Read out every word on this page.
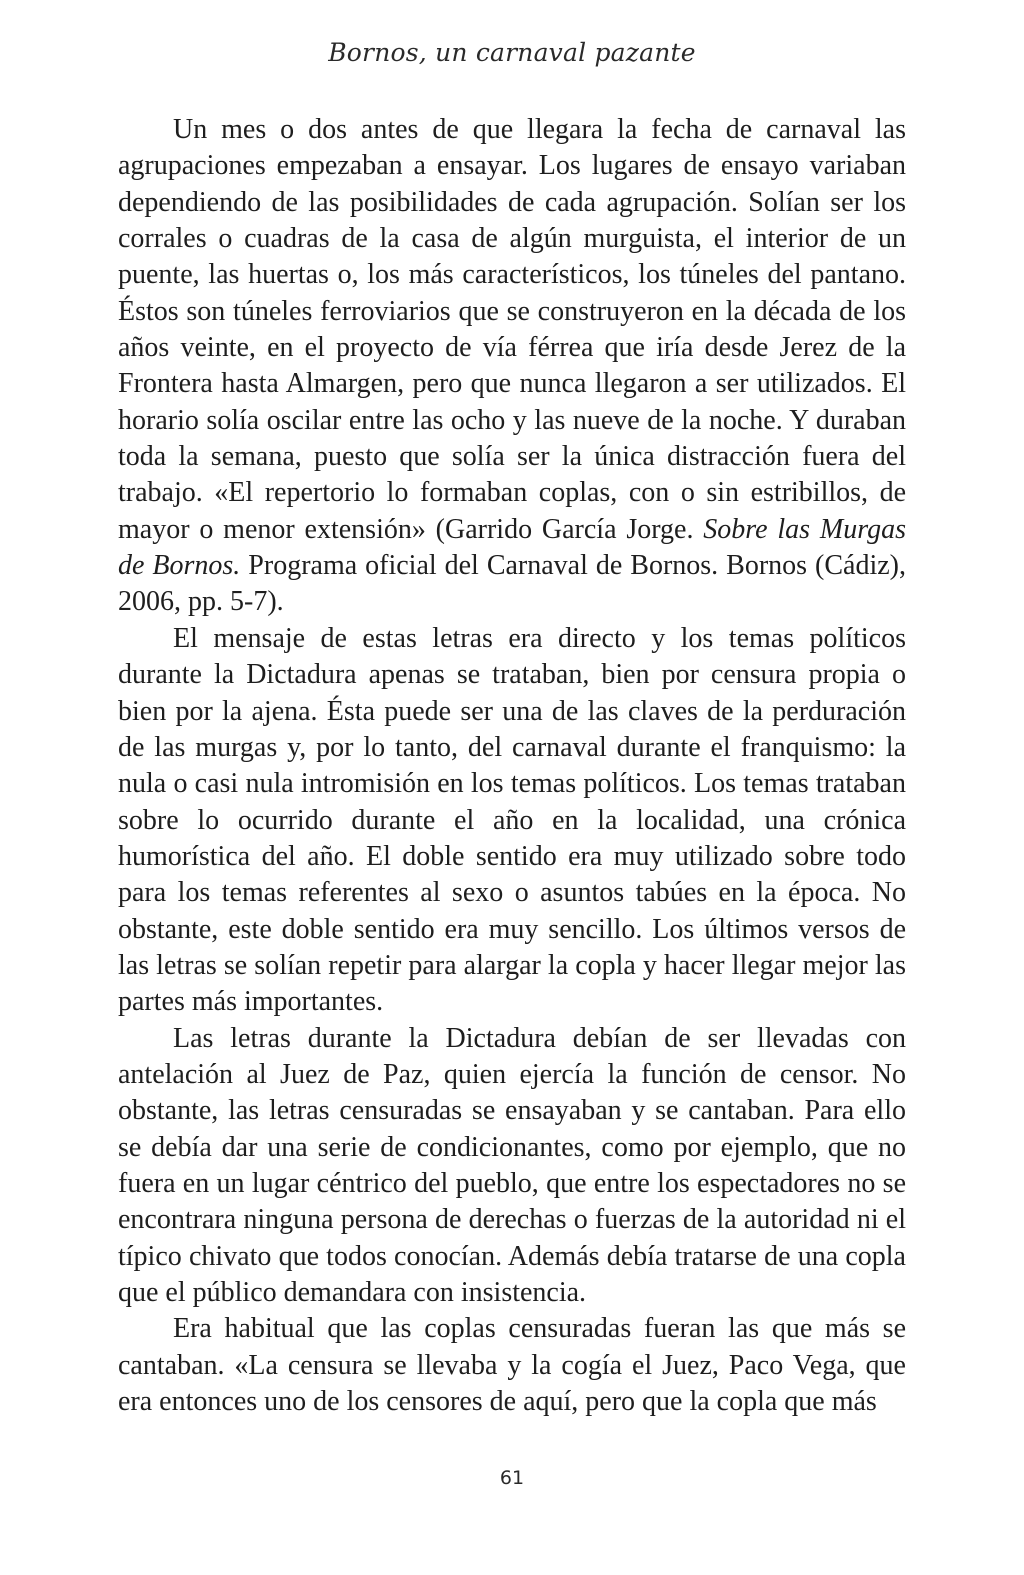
Bornos, un carnaval pazante

Un mes o dos antes de que llegara la fecha de carnaval las agrupaciones empezaban a ensayar. Los lugares de ensayo variaban dependiendo de las posibilidades de cada agrupación. Solían ser los corrales o cuadras de la casa de algún murguista, el interior de un puente, las huertas o, los más característicos, los túneles del pantano. Éstos son túneles ferroviarios que se construyeron en la década de los años veinte, en el proyecto de vía férrea que iría desde Jerez de la Frontera hasta Almargen, pero que nunca llegaron a ser utilizados. El horario solía oscilar entre las ocho y las nueve de la noche. Y duraban toda la semana, puesto que solía ser la única distracción fuera del trabajo. «El repertorio lo formaban coplas, con o sin estribillos, de mayor o menor extensión» (Garrido García Jorge. Sobre las Murgas de Bornos. Programa oficial del Carnaval de Bornos. Bornos (Cádiz), 2006, pp. 5-7).

El mensaje de estas letras era directo y los temas políticos durante la Dictadura apenas se trataban, bien por censura propia o bien por la ajena. Ésta puede ser una de las claves de la perduración de las murgas y, por lo tanto, del carnaval durante el franquismo: la nula o casi nula intromisión en los temas políticos. Los temas trataban sobre lo ocurrido durante el año en la localidad, una crónica humorística del año. El doble sentido era muy utilizado sobre todo para los temas referentes al sexo o asuntos tabúes en la época. No obstante, este doble sentido era muy sencillo. Los últimos versos de las letras se solían repetir para alargar la copla y hacer llegar mejor las partes más importantes.

Las letras durante la Dictadura debían de ser llevadas con antelación al Juez de Paz, quien ejercía la función de censor. No obstante, las letras censuradas se ensayaban y se cantaban. Para ello se debía dar una serie de condicionantes, como por ejemplo, que no fuera en un lugar céntrico del pueblo, que entre los espectadores no se encontrara ninguna persona de derechas o fuerzas de la autoridad ni el típico chivato que todos conocían. Además debía tratarse de una copla que el público demandara con insistencia.

Era habitual que las coplas censuradas fueran las que más se cantaban. «La censura se llevaba y la cogía el Juez, Paco Vega, que era entonces uno de los censores de aquí, pero que la copla que más

61
